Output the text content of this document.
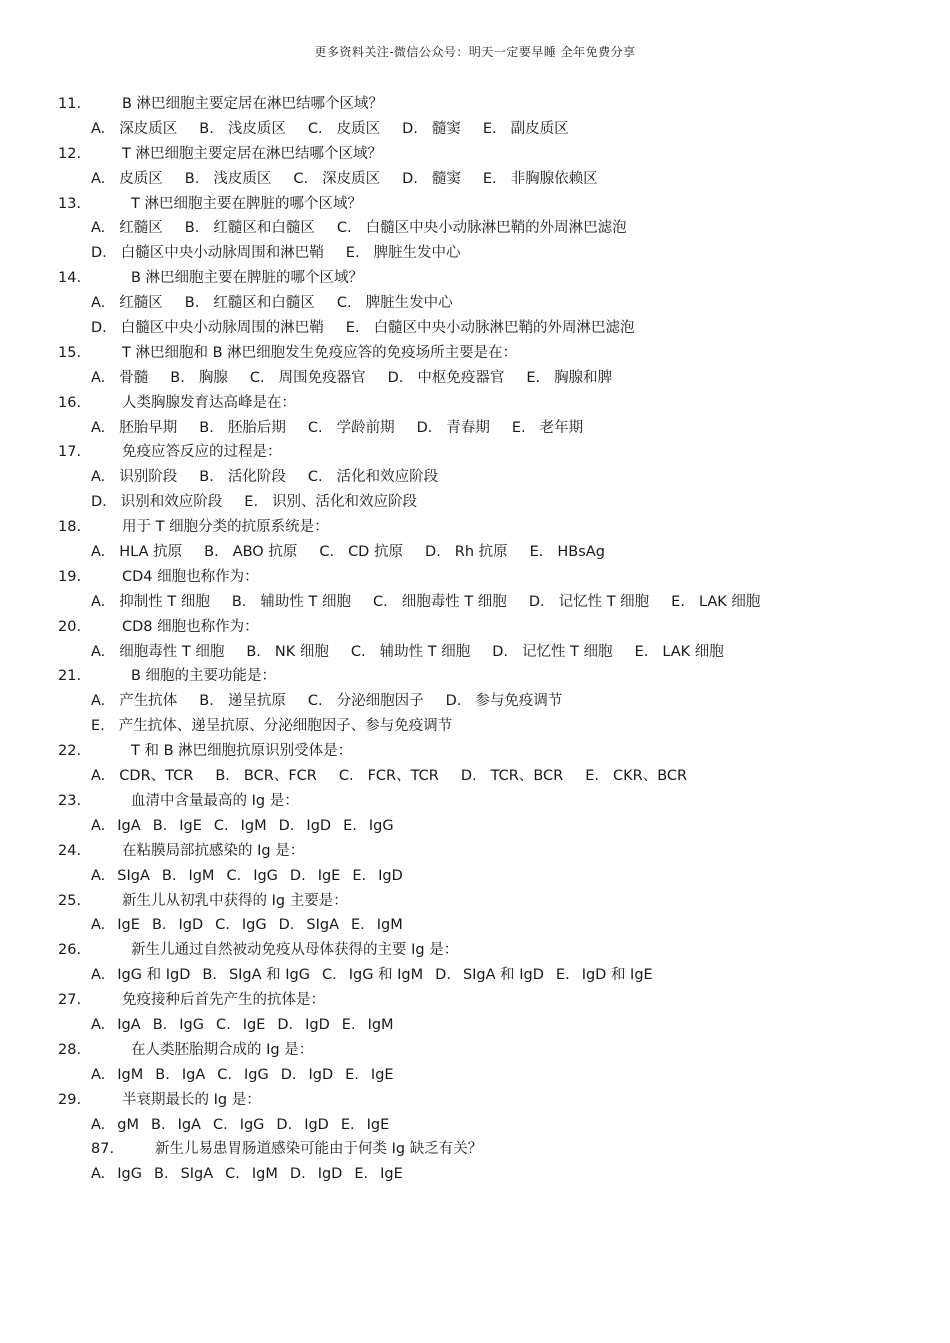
更多资料关注-微信公众号：明天一定要早睡 全年免费分享
11.	B 淋巴细胞主要定居在淋巴结哪个区域？
A. 深皮质区 B. 浅皮质区 C. 皮质区 D. 髓窦 E. 副皮质区
12.	T 淋巴细胞主要定居在淋巴结哪个区域？
A. 皮质区 B. 浅皮质区 C. 深皮质区 D. 髓窦 E. 非胸腺依赖区
13.	T 淋巴细胞主要在脾脏的哪个区域？
A. 红髓区 B. 红髓区和白髓区 C. 白髓区中央小动脉淋巴鞘的外周淋巴滤泡
D. 白髓区中央小动脉周围和淋巴鞘 E. 脾脏生发中心
14.	B 淋巴细胞主要在脾脏的哪个区域？
A. 红髓区 B. 红髓区和白髓区 C. 脾脏生发中心
D. 白髓区中央小动脉周围的淋巴鞘 E. 白髓区中央小动脉淋巴鞘的外周淋巴滤泡
15.	T 淋巴细胞和 B 淋巴细胞发生免疫应答的免疫场所主要是在：
A. 骨髓 B. 胸腺 C. 周围免疫器官 D. 中枢免疫器官 E. 胸腺和脾
16.	人类胸腺发育达高峰是在：
A. 胚胎早期 B. 胚胎后期 C. 学龄前期 D. 青春期 E. 老年期
17.	免疫应答反应的过程是：
A. 识别阶段 B. 活化阶段 C. 活化和效应阶段
D. 识别和效应阶段 E. 识别、活化和效应阶段
18.	用于 T 细胞分类的抗原系统是：
A. HLA 抗原 B. ABO 抗原 C. CD 抗原 D. Rh 抗原 E. HBsAg
19.	CD4 细胞也称作为：
A. 抑制性 T 细胞 B. 辅助性 T 细胞 C. 细胞毒性 T 细胞 D. 记忆性 T 细胞 E. LAK 细胞
20.	CD8 细胞也称作为：
A. 细胞毒性 T 细胞 B. NK 细胞 C. 辅助性 T 细胞 D. 记忆性 T 细胞 E. LAK 细胞
21.	B 细胞的主要功能是：
A. 产生抗体 B. 递呈抗原 C. 分泌细胞因子 D. 参与免疫调节
E. 产生抗体、递呈抗原、分泌细胞因子、参与免疫调节
22.	T 和 B 淋巴细胞抗原识别受体是：
A. CDR、TCR B. BCR、FCR C. FCR、TCR D. TCR、BCR E. CKR、BCR
23.	血清中含量最高的 Ig 是：
A. IgA B. IgE C. IgM D. IgD E. IgG
24.	在粘膜局部抗感染的 Ig 是：
A. SIgA B. IgM C. IgG D. IgE E. IgD
25.	新生儿从初乳中获得的 Ig 主要是：
A. IgE B. IgD C. IgG D. SIgA E. IgM
26.	新生儿通过自然被动免疫从母体获得的主要 Ig 是：
A. IgG 和 IgD B. SIgA 和 IgG C. IgG 和 IgM D. SIgA 和 IgD E. IgD 和 IgE
27.	免疫接种后首先产生的抗体是：
A. IgA B. IgG C. IgE D. IgD E. IgM
28.	在人类胚胎期合成的 Ig 是：
A. IgM B. IgA C. IgG D. IgD E. IgE
29.	半衰期最长的 Ig 是：
A. gM B. IgA C. IgG D. IgD E. IgE
87.	新生儿易患胃肠道感染可能由于何类 Ig 缺乏有关？
A. IgG B. SIgA C. IgM D. IgD E. IgE
